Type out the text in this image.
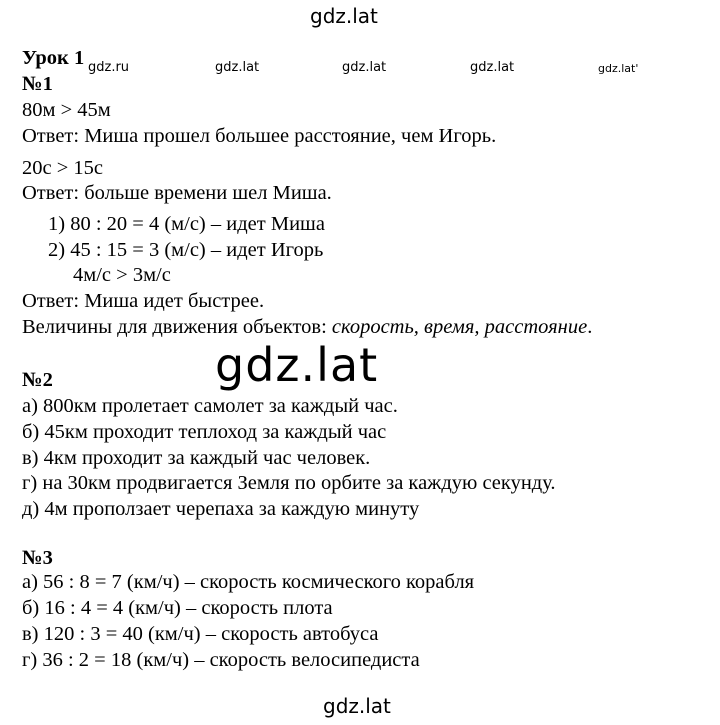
gdz.lat
gdz.ru	gdz.lat	gdz.lat	gdz.lat	gdz.lat'
gdz.lat
gdz.lat
Урок 1
№1
80м > 45м
Ответ: Миша прошел большее расстояние, чем Игорь.
20с > 15с
Ответ: больше времени шел Миша.
1) 80 : 20 = 4 (м/с) – идет Миша
2) 45 : 15 = 3 (м/с) – идет Игорь
4м/с > 3м/с
Ответ: Миша идет быстрее.
Величины для движения объектов: скорость, время, расстояние.
№2
а) 800км пролетает самолет за каждый час.
б) 45км проходит теплоход за каждый час
в) 4км проходит за каждый час человек.
г) на 30км продвигается Земля по орбите за каждую секунду.
д) 4м проползает черепаха за каждую минуту
№3
а) 56 : 8 = 7 (км/ч) – скорость космического корабля
б) 16 : 4 = 4 (км/ч) – скорость плота
в) 120 : 3 = 40 (км/ч) – скорость автобуса
г) 36 : 2 = 18 (км/ч) – скорость велосипедиста
